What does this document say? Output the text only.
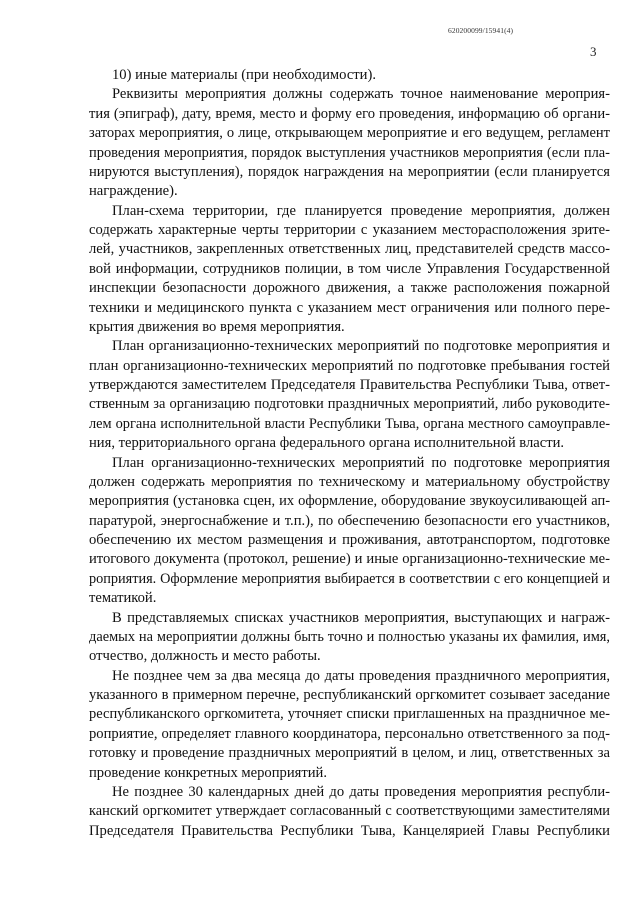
620200099/15941(4)
3
10) иные материалы (при необходимости).
Реквизиты мероприятия должны содержать точное наименование мероприя-
тия (эпиграф), дату, время, место и форму его проведения, информацию об органи-
заторах мероприятия, о лице, открывающем мероприятие и его ведущем, регламент
проведения мероприятия, порядок выступления участников мероприятия (если пла-
нируются выступления), порядок награждения на мероприятии (если планируется
награждение).
План-схема территории, где планируется проведение мероприятия, должен
содержать характерные черты территории с указанием месторасположения зрите-
лей, участников, закрепленных ответственных лиц, представителей средств массо-
вой информации, сотрудников полиции, в том числе Управления Государственной
инспекции безопасности дорожного движения, а также расположения пожарной
техники и медицинского пункта с указанием мест ограничения или полного пере-
крытия движения во время мероприятия.
План организационно-технических мероприятий по подготовке мероприятия и
план организационно-технических мероприятий по подготовке пребывания гостей
утверждаются заместителем Председателя Правительства Республики Тыва, ответ-
ственным за организацию подготовки праздничных мероприятий, либо руководите-
лем органа исполнительной власти Республики Тыва, органа местного самоуправле-
ния, территориального органа федерального органа исполнительной власти.
План организационно-технических мероприятий по подготовке мероприятия
должен содержать мероприятия по техническому и материальному обустройству
мероприятия (установка сцен, их оформление, оборудование звукоусиливающей ап-
паратурой, энергоснабжение и т.п.), по обеспечению безопасности его участников,
обеспечению их местом размещения и проживания, автотранспортом, подготовке
итогового документа (протокол, решение) и иные организационно-технические ме-
роприятия. Оформление мероприятия выбирается в соответствии с его концепцией и
тематикой.
В представляемых списках участников мероприятия, выступающих и награж-
даемых на мероприятии должны быть точно и полностью указаны их фамилия, имя,
отчество, должность и место работы.
Не позднее чем за два месяца до даты проведения праздничного мероприятия,
указанного в примерном перечне, республиканский оргкомитет созывает заседание
республиканского оргкомитета, уточняет списки приглашенных на праздничное ме-
роприятие, определяет главного координатора, персонально ответственного за под-
готовку и проведение праздничных мероприятий в целом, и лиц, ответственных за
проведение конкретных мероприятий.
Не позднее 30 календарных дней до даты проведения мероприятия республи-
канский оргкомитет утверждает согласованный с соответствующими заместителями
Председателя Правительства Республики Тыва, Канцелярией Главы Республики
